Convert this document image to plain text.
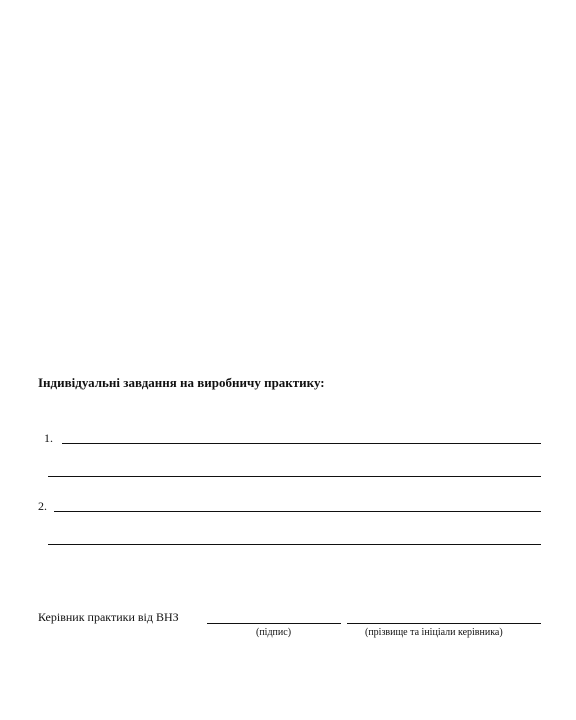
Індивідуальні завдання на виробничу практику:
1.
2.
Керівник практики від ВНЗ
(підпис)	(прізвище та ініціали керівника)
